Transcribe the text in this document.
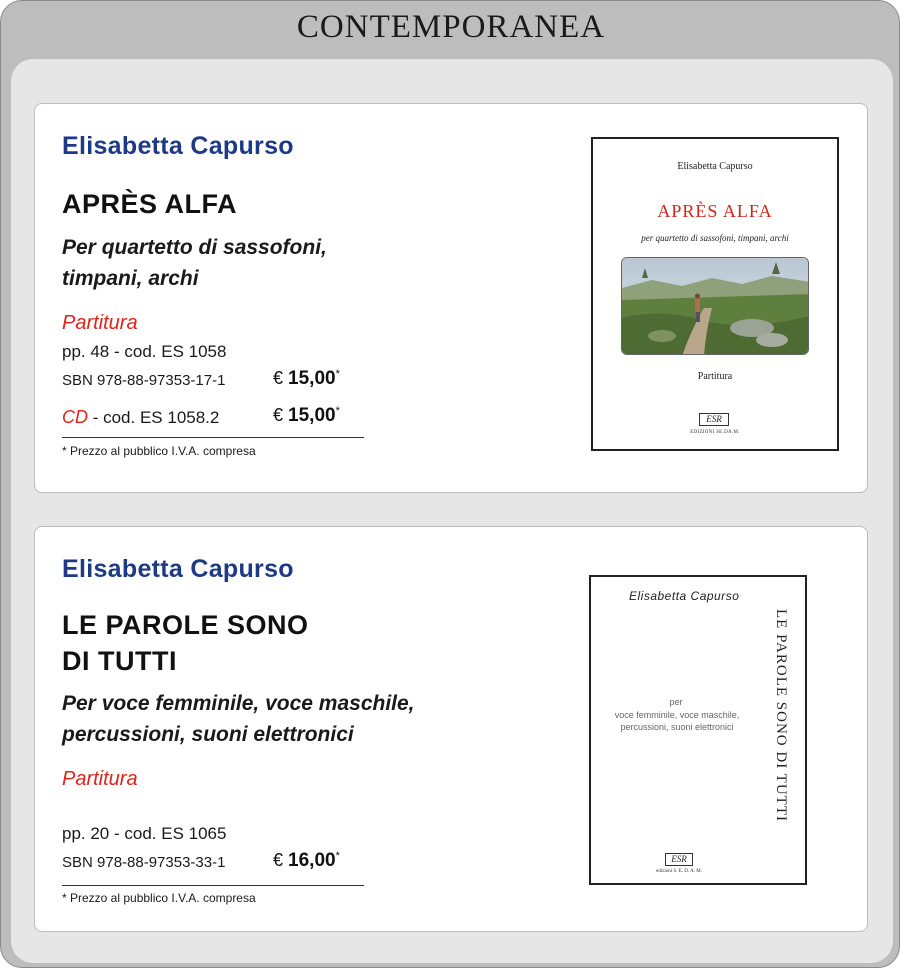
CONTEMPORANEA
Elisabetta Capurso
APRÈS ALFA
Per quartetto di sassofoni,
timpani, archi
Partitura
pp. 48 - cod. ES 1058
SBN 978-88-97353-17-1	€ 15,00*
CD - cod. ES 1058.2	€ 15,00*
* Prezzo al pubblico I.V.A. compresa
Elisabetta Capurso
APRÈS ALFA
per quartetto di sassofoni, timpani, archi
Partitura
ESR
EDIZIONI SE.DA.M.
Elisabetta Capurso
LE PAROLE SONO
DI TUTTI
Per voce femminile, voce maschile,
percussioni, suoni elettronici
Partitura
pp. 20 - cod. ES 1065
SBN 978-88-97353-33-1	€ 16,00*
* Prezzo al pubblico I.V.A. compresa
Elisabetta Capurso
LE PAROLE SONO DI TUTTI
per
voce femminile, voce maschile, percussioni, suoni elettronici
ESR
edizioni S. E. D. A. M.
